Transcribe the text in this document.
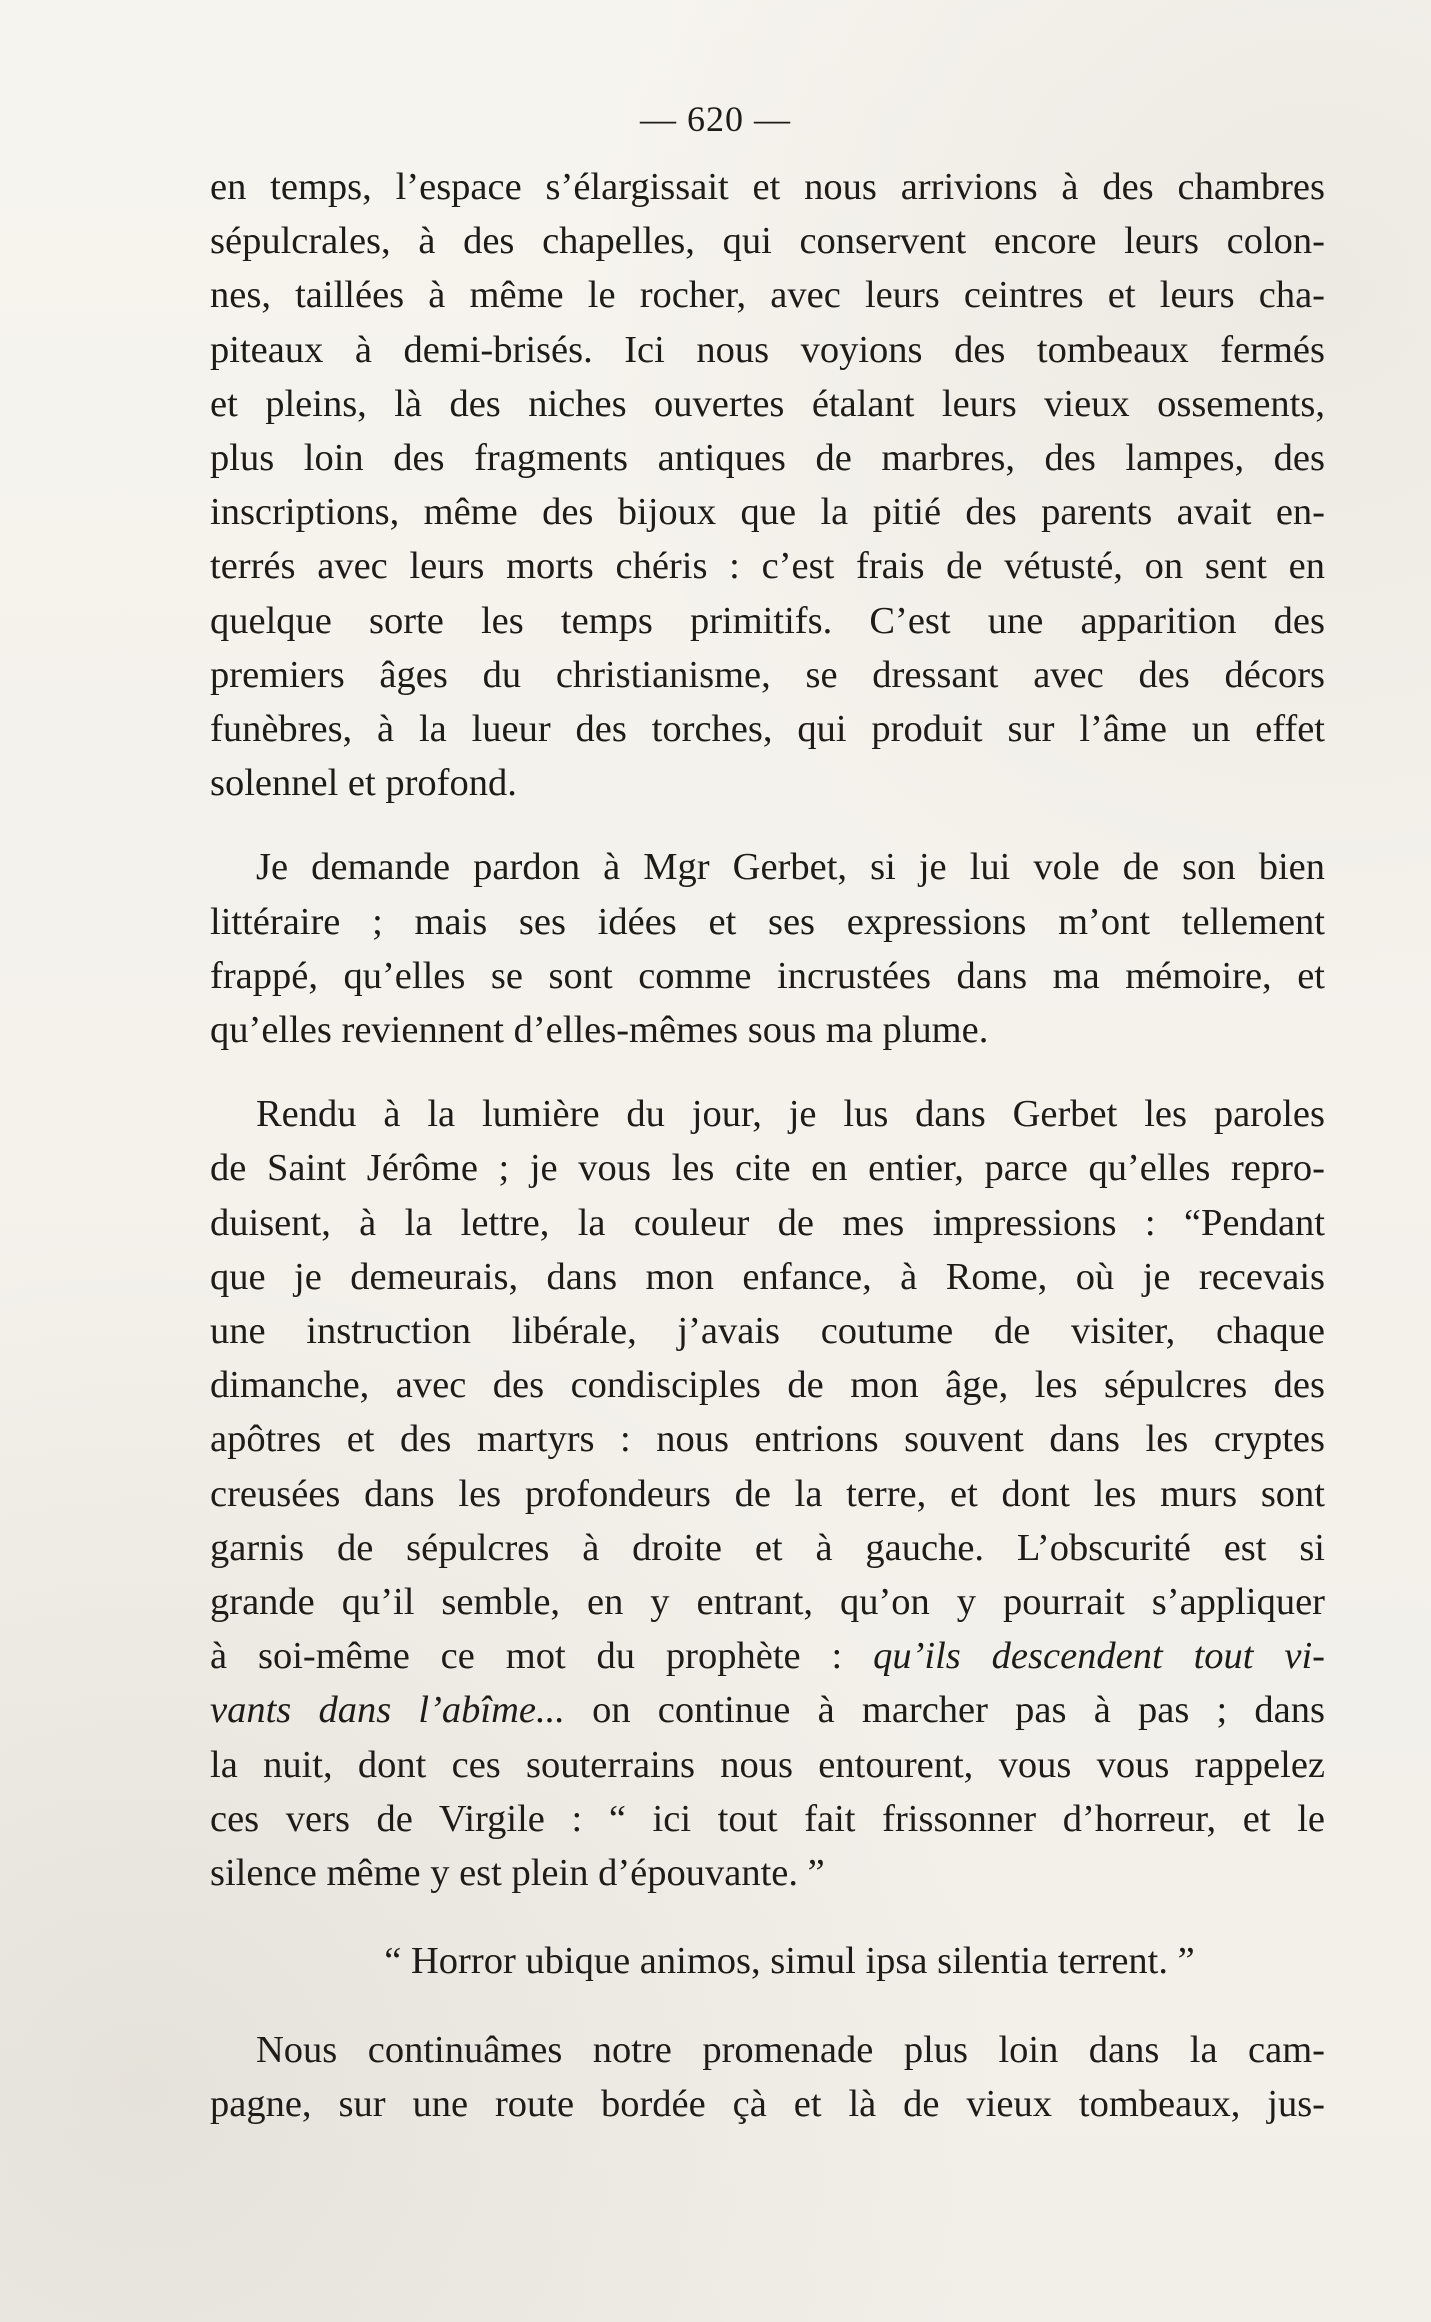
— 620 —

en temps, l’espace s’élargissait et nous arrivions à des chambres

sépulcrales, à des chapelles, qui conservent encore leurs colon-

nes, taillées à même le rocher, avec leurs ceintres et leurs cha-

piteaux à demi-brisés. Ici nous voyions des tombeaux fermés

et pleins, là des niches ouvertes étalant leurs vieux ossements,

plus loin des fragments antiques de marbres, des lampes, des

inscriptions, même des bijoux que la pitié des parents avait en-

terrés avec leurs morts chéris : c’est frais de vétusté, on sent en

quelque sorte les temps primitifs. C’est une apparition des

premiers âges du christianisme, se dressant avec des décors

funèbres, à la lueur des torches, qui produit sur l’âme un effet

solennel et profond.

Je demande pardon à Mgr Gerbet, si je lui vole de son bien

littéraire ; mais ses idées et ses expressions m’ont tellement

frappé, qu’elles se sont comme incrustées dans ma mémoire, et

qu’elles reviennent d’elles-mêmes sous ma plume.

Rendu à la lumière du jour, je lus dans Gerbet les paroles

de Saint Jérôme ; je vous les cite en entier, parce qu’elles repro-

duisent, à la lettre, la couleur de mes impressions : “Pendant

que je demeurais, dans mon enfance, à Rome, où je recevais

une instruction libérale, j’avais coutume de visiter, chaque

dimanche, avec des condisciples de mon âge, les sépulcres des

apôtres et des martyrs : nous entrions souvent dans les cryptes

creusées dans les profondeurs de la terre, et dont les murs sont

garnis de sépulcres à droite et à gauche. L’obscurité est si

grande qu’il semble, en y entrant, qu’on y pourrait s’appliquer

à soi-même ce mot du prophète : qu’ils descendent tout vi-

vants dans l’abîme... on continue à marcher pas à pas ; dans

la nuit, dont ces souterrains nous entourent, vous vous rappelez

ces vers de Virgile : “ ici tout fait frissonner d’horreur, et le

silence même y est plein d’épouvante. ”

“ Horror ubique animos, simul ipsa silentia terrent. ”

Nous continuâmes notre promenade plus loin dans la cam-

pagne, sur une route bordée çà et là de vieux tombeaux, jus-
